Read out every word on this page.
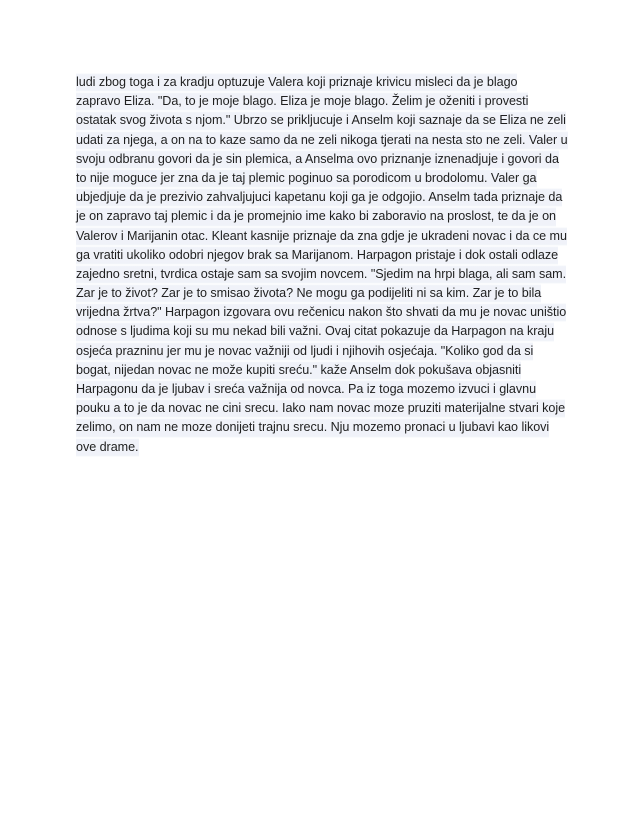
ludi zbog toga i za kradju optuzuje Valera koji priznaje krivicu misleci da je blago
zapravo Eliza. "Da, to je moje blago. Eliza je moje blago. Želim je oženiti i provesti
ostatak svog života s njom." Ubrzo se prikljucuje i Anselm koji saznaje da se Eliza ne zeli
udati za njega, a on na to kaze samo da ne zeli nikoga tjerati na nesta sto ne zeli. Valer u
svoju odbranu govori da je sin plemica, a Anselma ovo priznanje iznenadjuje i govori da
to nije moguce jer zna da je taj plemic poginuo sa porodicom u brodolomu. Valer ga
ubjedjuje da je prezivio zahvaljujuci kapetanu koji ga je odgojio. Anselm tada priznaje da
je on zapravo taj plemic i da je promejnio ime kako bi zaboravio na proslost, te da je on
Valerov i Marijanin otac. Kleant kasnije priznaje da zna gdje je ukradeni novac i da ce mu
ga vratiti ukoliko odobri njegov brak sa Marijanom. Harpagon pristaje i dok ostali odlaze
zajedno sretni, tvrdica ostaje sam sa svojim novcem. "Sjedim na hrpi blaga, ali sam sam.
Zar je to život? Zar je to smisao života? Ne mogu ga podijeliti ni sa kim. Zar je to bila
vrijedna žrtva?" Harpagon izgovara ovu rečenicu nakon što shvati da mu je novac uništio
odnose s ljudima koji su mu nekad bili važni. Ovaj citat pokazuje da Harpagon na kraju
osjeća prazninu jer mu je novac važniji od ljudi i njihovih osjećaja. "Koliko god da si
bogat, nijedan novac ne može kupiti sreću." kaže Anselm dok pokušava objasniti
Harpagonu da je ljubav i sreća važnija od novca. Pa iz toga mozemo izvuci i glavnu
pouku a to je da novac ne cini srecu. Iako nam novac moze pruziti materijalne stvari koje
zelimo, on nam ne moze donijeti trajnu srecu. Nju mozemo pronaci u ljubavi kao likovi
ove drame.
